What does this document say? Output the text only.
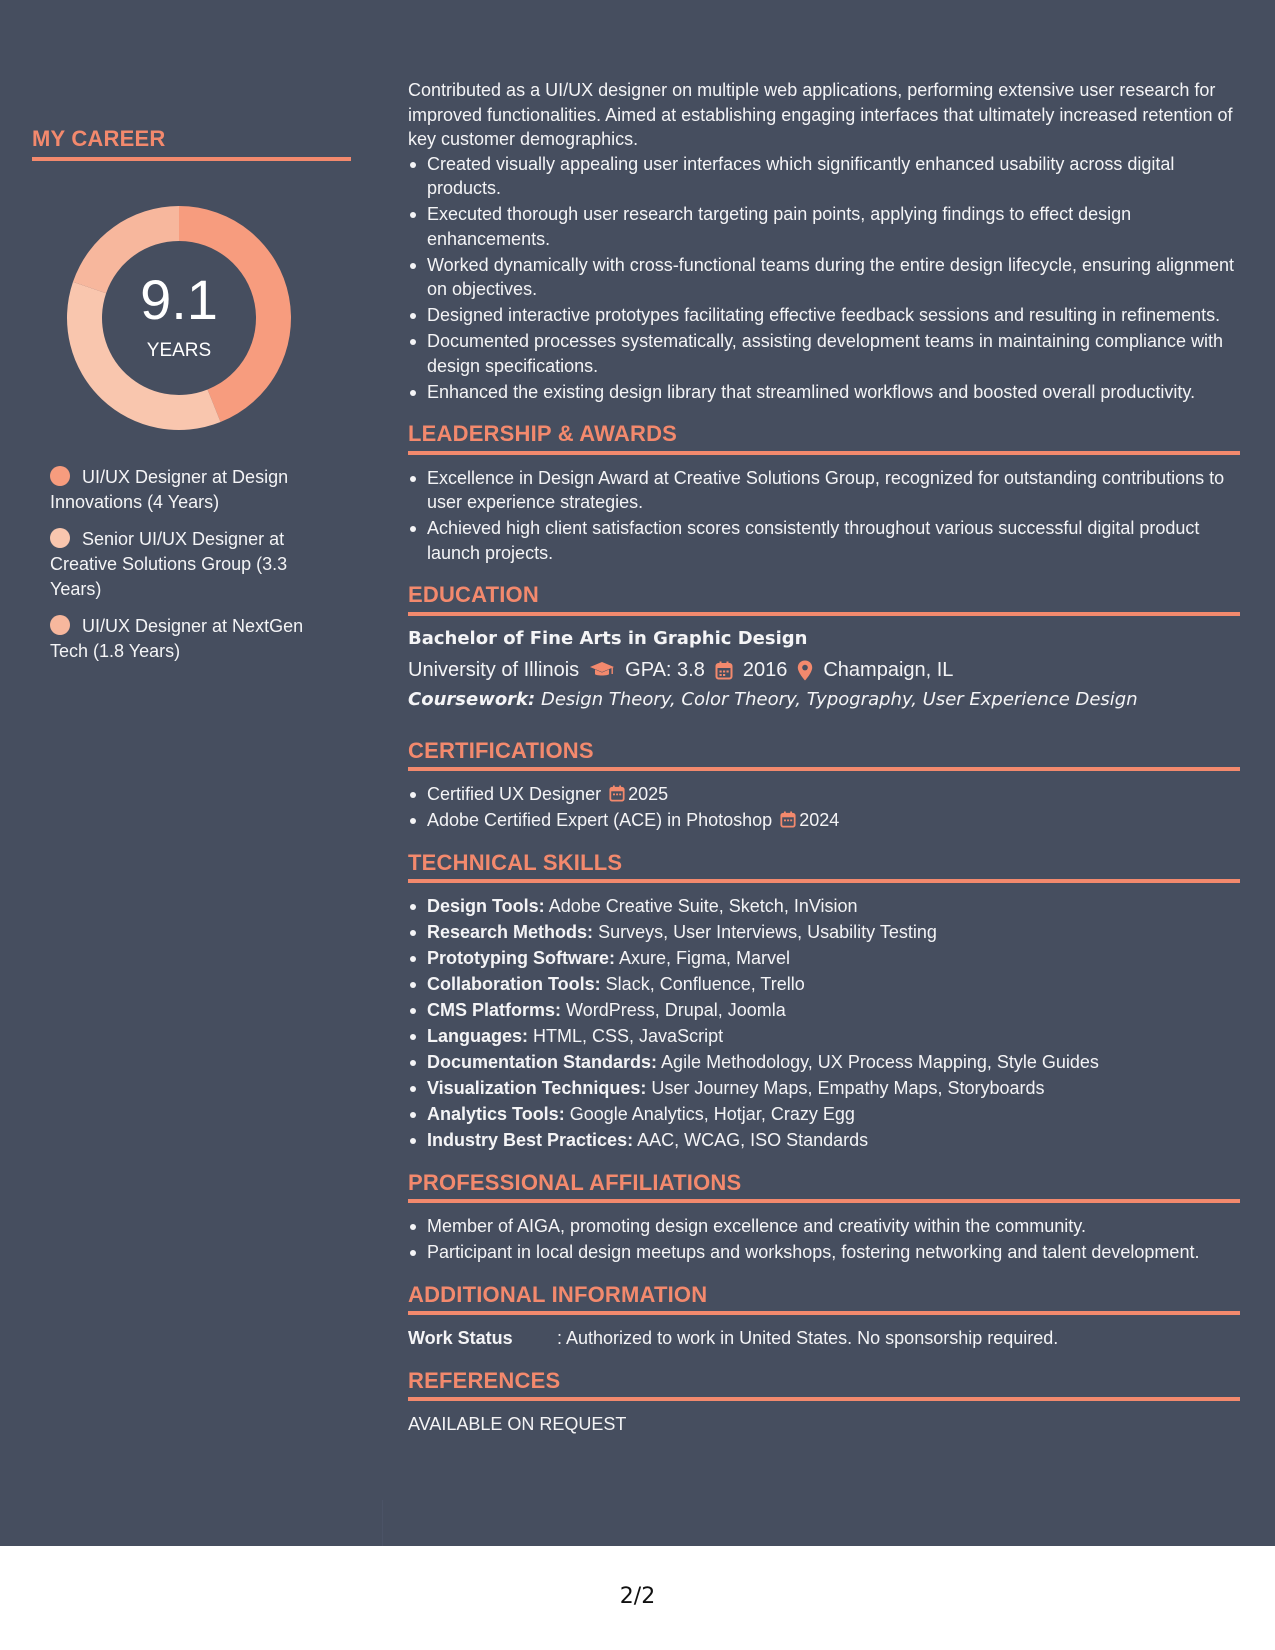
MY CAREER
9.1
YEARS
UI/UX Designer at Design Innovations (4 Years)
Senior UI/UX Designer at Creative Solutions Group (3.3 Years)
UI/UX Designer at NextGen Tech (1.8 Years)

Contributed as a UI/UX designer on multiple web applications, performing extensive user research for improved functionalities. Aimed at establishing engaging interfaces that ultimately increased retention of key customer demographics.

Created visually appealing user interfaces which significantly enhanced usability across digital products.
Executed thorough user research targeting pain points, applying findings to effect design enhancements.
Worked dynamically with cross-functional teams during the entire design lifecycle, ensuring alignment on objectives.
Designed interactive prototypes facilitating effective feedback sessions and resulting in refinements.
Documented processes systematically, assisting development teams in maintaining compliance with design specifications.
Enhanced the existing design library that streamlined workflows and boosted overall productivity.
LEADERSHIP & AWARDS
Excellence in Design Award at Creative Solutions Group, recognized for outstanding contributions to user experience strategies.
Achieved high client satisfaction scores consistently throughout various successful digital product launch projects.
EDUCATION
Bachelor of Fine Arts in Graphic Design
University of Illinois GPA: 3.8 2016 Champaign, IL
Coursework: Design Theory, Color Theory, Typography, User Experience Design
CERTIFICATIONS
Certified UX Designer 2025
Adobe Certified Expert (ACE) in Photoshop 2024
TECHNICAL SKILLS
Design Tools: Adobe Creative Suite, Sketch, InVision
Research Methods: Surveys, User Interviews, Usability Testing
Prototyping Software: Axure, Figma, Marvel
Collaboration Tools: Slack, Confluence, Trello
CMS Platforms: WordPress, Drupal, Joomla
Languages: HTML, CSS, JavaScript
Documentation Standards: Agile Methodology, UX Process Mapping, Style Guides
Visualization Techniques: User Journey Maps, Empathy Maps, Storyboards
Analytics Tools: Google Analytics, Hotjar, Crazy Egg
Industry Best Practices: AAC, WCAG, ISO Standards
PROFESSIONAL AFFILIATIONS
Member of AIGA, promoting design excellence and creativity within the community.
Participant in local design meetups and workshops, fostering networking and talent development.
ADDITIONAL INFORMATION
Work Status	: Authorized to work in United States. No sponsorship required.
REFERENCES
AVAILABLE ON REQUEST
2/2
